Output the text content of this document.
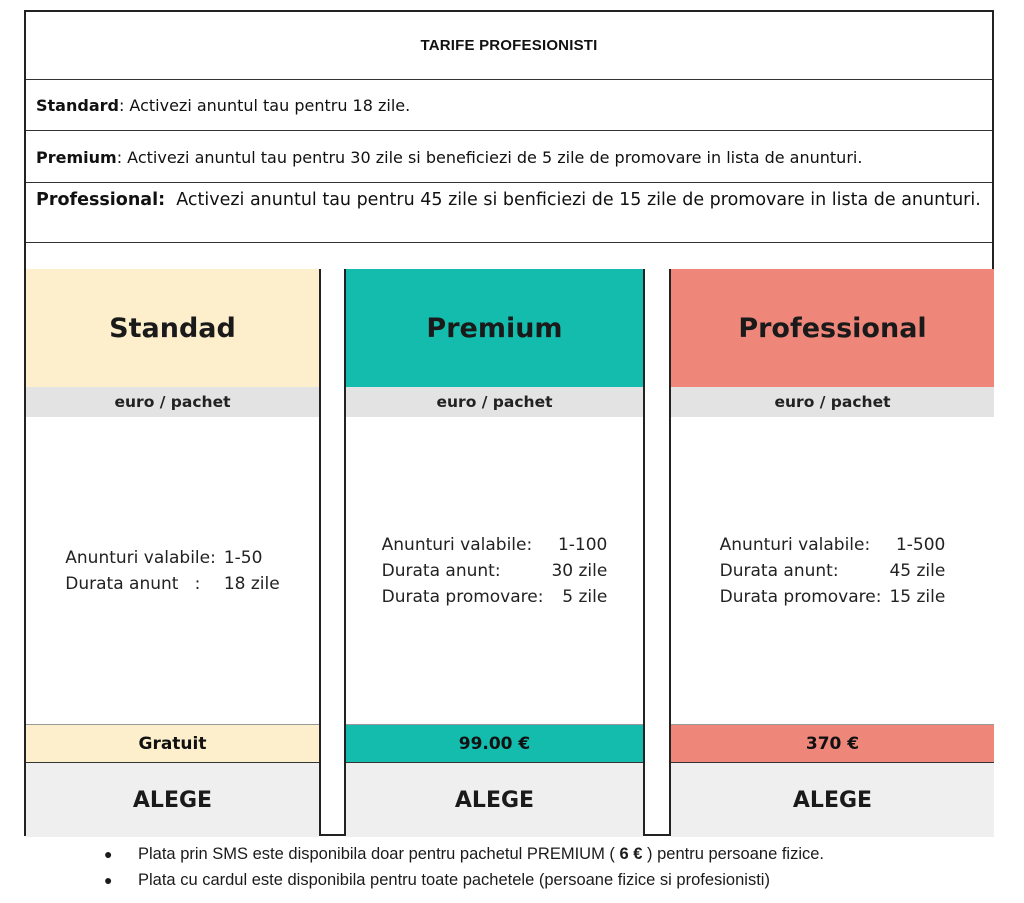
TARIFE PROFESIONISTI
Standard: Activezi anuntul tau pentru 18 zile.
Premium: Activezi anuntul tau pentru 30 zile si beneficiezi de 5 zile de promovare in lista de anunturi.
Professional:  Activezi anuntul tau pentru 45 zile si benficiezi de 15 zile de promovare in lista de anunturi.
Standad
euro / pachet
Anunturi valabile:	1-50
Durata anunt   :	18 zile
Gratuit
ALEGE
Premium
euro / pachet
Anunturi valabile:	1-100
Durata anunt:	30 zile
Durata promovare:	5 zile
99.00 €
ALEGE
Professional
euro / pachet
Anunturi valabile:	1-500
Durata anunt:	45 zile
Durata promovare:	15 zile
370 €
ALEGE
●	Plata prin SMS este disponibila doar pentru pachetul PREMIUM ( 6 € ) pentru persoane fizice.
●	Plata cu cardul este disponibila pentru toate pachetele (persoane fizice si profesionisti)
